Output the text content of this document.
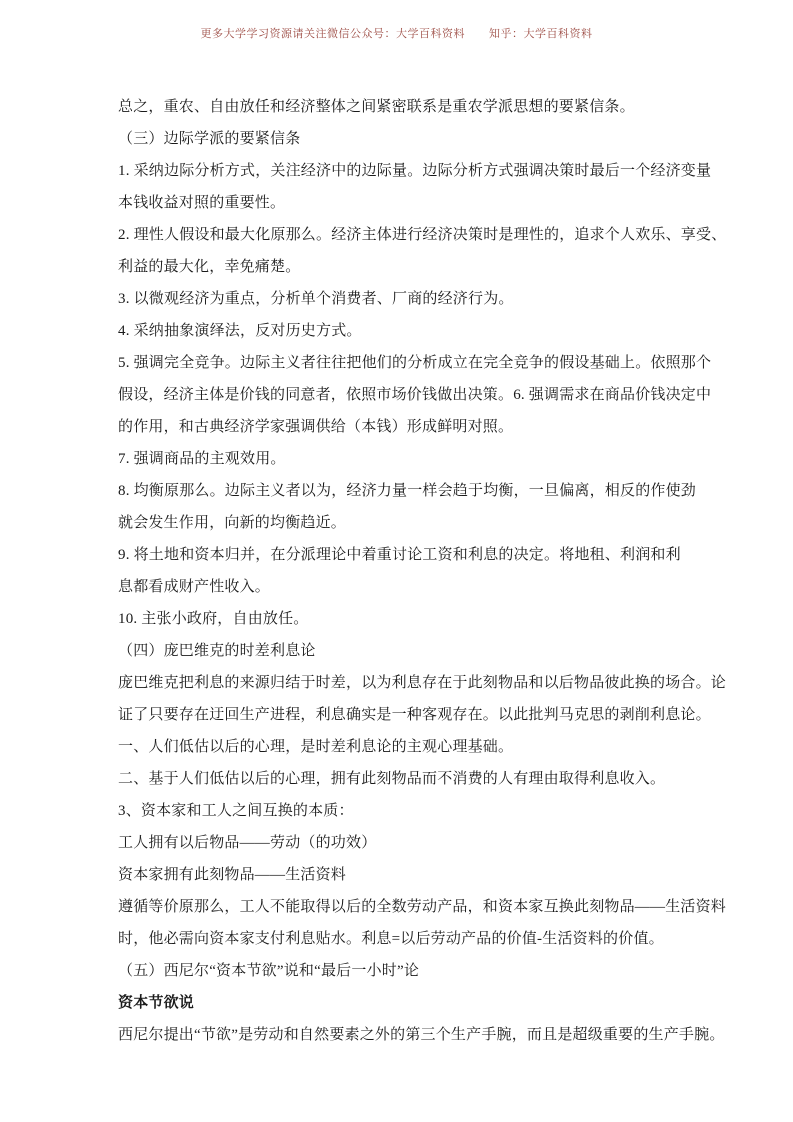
更多大学学习资源请关注微信公众号：大学百科资料 知乎：大学百科资料
总之，重农、自由放任和经济整体之间紧密联系是重农学派思想的要紧信条。
（三）边际学派的要紧信条
1. 采纳边际分析方式，关注经济中的边际量。边际分析方式强调决策时最后一个经济变量
本钱收益对照的重要性。
2. 理性人假设和最大化原那么。经济主体进行经济决策时是理性的，追求个人欢乐、享受、
利益的最大化，幸免痛楚。
3. 以微观经济为重点，分析单个消费者、厂商的经济行为。
4. 采纳抽象演绎法，反对历史方式。
5. 强调完全竞争。边际主义者往往把他们的分析成立在完全竞争的假设基础上。依照那个
假设，经济主体是价钱的同意者，依照市场价钱做出决策。6. 强调需求在商品价钱决定中
的作用，和古典经济学家强调供给（本钱）形成鲜明对照。
7. 强调商品的主观效用。
8. 均衡原那么。边际主义者以为，经济力量一样会趋于均衡，一旦偏离，相反的作使劲
就会发生作用，向新的均衡趋近。
9. 将土地和资本归并，在分派理论中着重讨论工资和利息的决定。将地租、利润和利
息都看成财产性收入。
10. 主张小政府，自由放任。
（四）庞巴维克的时差利息论
庞巴维克把利息的来源归结于时差，以为利息存在于此刻物品和以后物品彼此换的场合。论
证了只要存在迂回生产进程，利息确实是一种客观存在。以此批判马克思的剥削利息论。
一、人们低估以后的心理，是时差利息论的主观心理基础。
二、基于人们低估以后的心理，拥有此刻物品而不消费的人有理由取得利息收入。
3、资本家和工人之间互换的本质：
工人拥有以后物品——劳动（的功效）
资本家拥有此刻物品——生活资料
遵循等价原那么，工人不能取得以后的全数劳动产品，和资本家互换此刻物品——生活资料
时，他必需向资本家支付利息贴水。利息=以后劳动产品的价值-生活资料的价值。
（五）西尼尔“资本节欲”说和“最后一小时”论
资本节欲说
西尼尔提出“节欲”是劳动和自然要素之外的第三个生产手腕，而且是超级重要的生产手腕。
